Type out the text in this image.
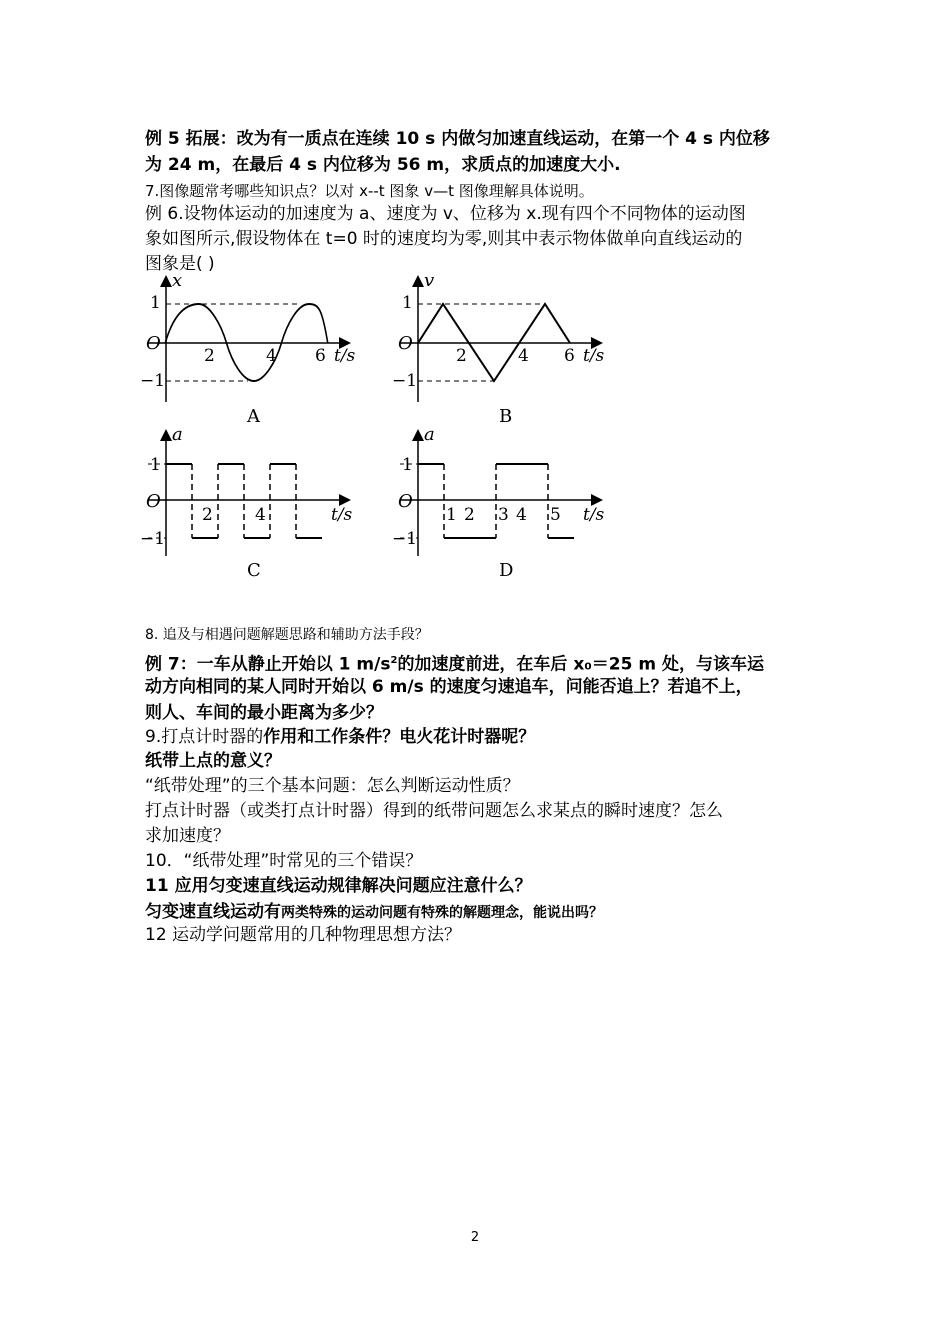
例 5 拓展：改为有一质点在连续 10 s 内做匀加速直线运动，在第一个 4 s 内位移
为 24 m，在最后 4 s 内位移为 56 m，求质点的加速度大小.
7.图像题常考哪些知识点？以对 x--t 图象 v—t 图像理解具体说明。
例 6.设物体运动的加速度为 a、速度为 v、位移为 x.现有四个不同物体的运动图
象如图所示,假设物体在 t=0 时的速度均为零,则其中表示物体做单向直线运动的
图象是( )
x
1
O
−1
2	4 6 t/s
A
v
1
O
−1
2	4 6 t/s
B
a
1
O
−1
2 4	t/s
C
a
1
O
−1
1 2 3 4 5 t/s
D
8. 追及与相遇问题解题思路和辅助方法手段？
例 7：一车从静止开始以 1 $m/s^2$的加速度前进，在车后 x₀＝25 m 处，与该车运
动方向相同的某人同时开始以 6 m/s 的速度匀速追车，问能否追上？若追不上，
则人、车间的最小距离为多少？
9.打点计时器的作用和工作条件？电火花计时器呢？
纸带上点的意义？
“纸带处理”的三个基本问题：怎么判断运动性质？
打点计时器（或类打点计时器）得到的纸带问题怎么求某点的瞬时速度？怎么
求加速度？
10．“纸带处理”时常见的三个错误？
11 应用匀变速直线运动规律解决问题应注意什么？
匀变速直线运动有两类特殊的运动问题有特殊的解题理念，能说出吗？
12 运动学问题常用的几种物理思想方法？
2
